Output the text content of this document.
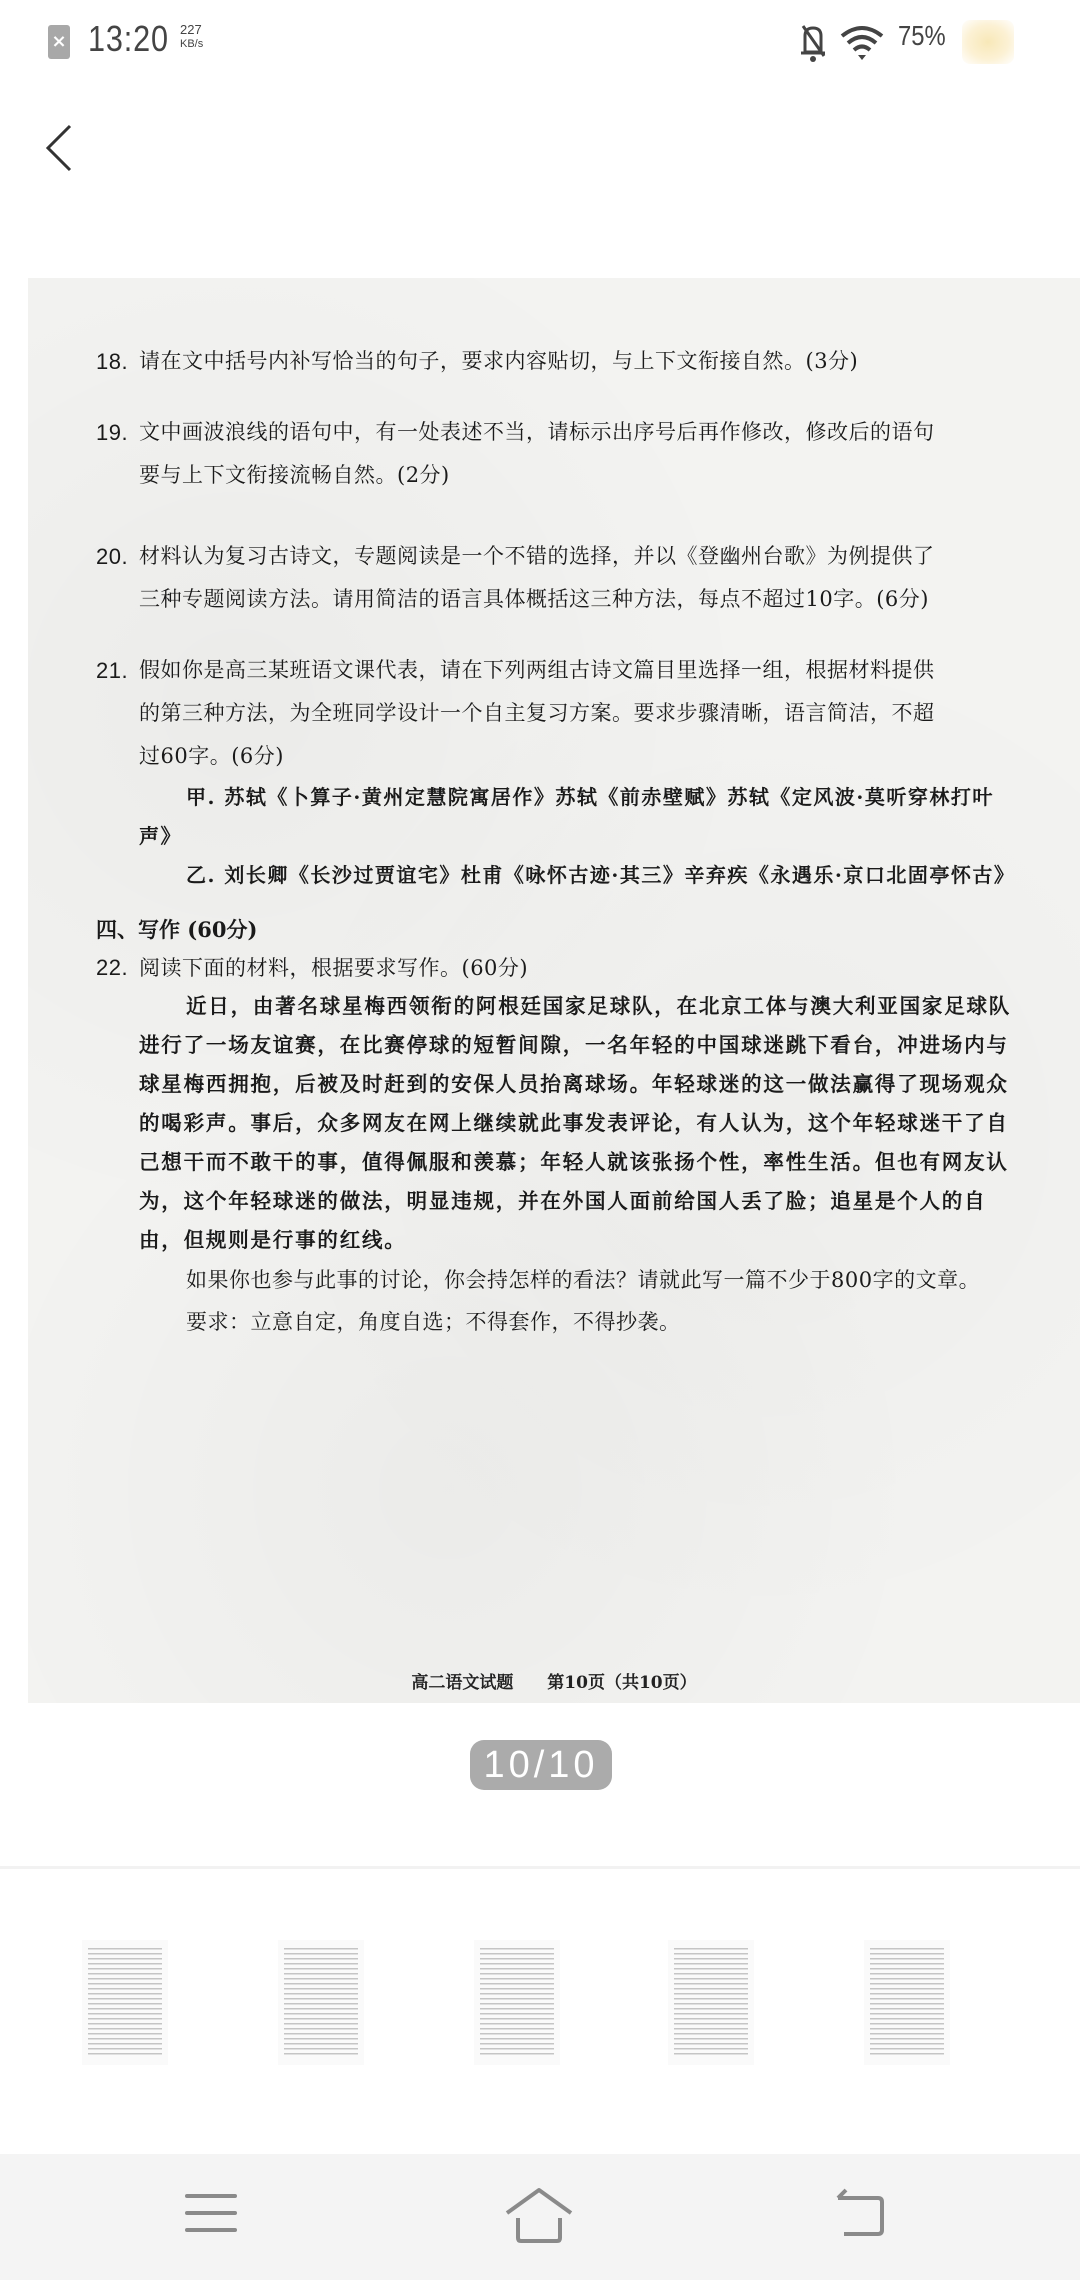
× 13:20 227
KB/s	75%
18. 请在文中括号内补写恰当的句子，要求内容贴切，与上下文衔接自然。(3分)
19. 文中画波浪线的语句中，有一处表述不当，请标示出序号后再作修改，修改后的语句
要与上下文衔接流畅自然。(2分)
20. 材料认为复习古诗文，专题阅读是一个不错的选择，并以《登幽州台歌》为例提供了
三种专题阅读方法。请用简洁的语言具体概括这三种方法，每点不超过10字。(6分)
21. 假如你是高三某班语文课代表，请在下列两组古诗文篇目里选择一组，根据材料提供
的第三种方法，为全班同学设计一个自主复习方案。要求步骤清晰，语言简洁，不超
过60字。(6分)
甲. 苏轼《卜算子·黄州定慧院寓居作》苏轼《前赤壁赋》苏轼《定风波·莫听穿林打叶声》
乙. 刘长卿《长沙过贾谊宅》杜甫《咏怀古迹·其三》辛弃疾《永遇乐·京口北固亭怀古》
四、写作 (60分)
22. 阅读下面的材料，根据要求写作。(60分)
近日，由著名球星梅西领衔的阿根廷国家足球队，在北京工体与澳大利亚国家足球队进行了一场友谊赛，在比赛停球的短暂间隙，一名年轻的中国球迷跳下看台，冲进场内与球星梅西拥抱，后被及时赶到的安保人员抬离球场。年轻球迷的这一做法赢得了现场观众的喝彩声。事后，众多网友在网上继续就此事发表评论，有人认为，这个年轻球迷干了自己想干而不敢干的事，值得佩服和羡慕；年轻人就该张扬个性，率性生活。但也有网友认为，这个年轻球迷的做法，明显违规，并在外国人面前给国人丢了脸；追星是个人的自由，但规则是行事的红线。
如果你也参与此事的讨论，你会持怎样的看法？请就此写一篇不少于800字的文章。
要求：立意自定，角度自选；不得套作，不得抄袭。
高二语文试题 第10页（共10页）
10/10
